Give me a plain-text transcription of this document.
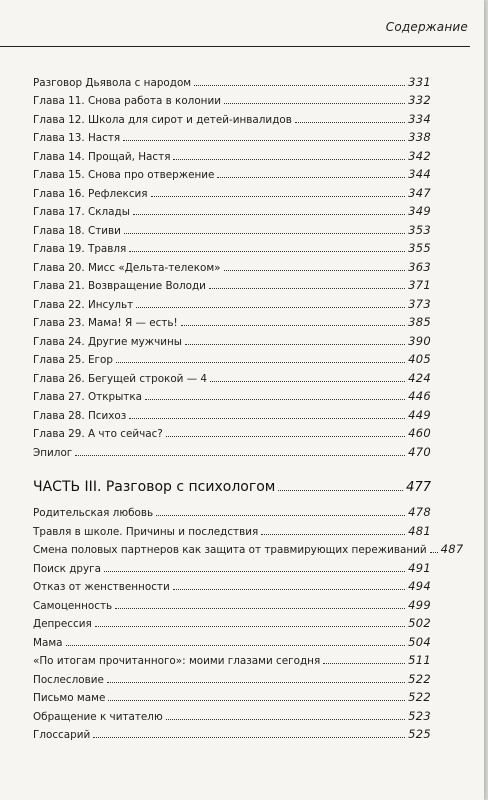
Содержание
Разговор Дьявола с народом	331
Глава 11. Снова работа в колонии	332
Глава 12. Школа для сирот и детей-инвалидов	334
Глава 13. Настя	338
Глава 14. Прощай, Настя	342
Глава 15. Снова про отвержение	344
Глава 16. Рефлексия	347
Глава 17. Склады	349
Глава 18. Стиви	353
Глава 19. Травля	355
Глава 20. Мисс «Дельта-телеком»	363
Глава 21. Возвращение Володи	371
Глава 22. Инсульт	373
Глава 23. Мама! Я — есть!	385
Глава 24. Другие мужчины	390
Глава 25. Егор	405
Глава 26. Бегущей строкой — 4	424
Глава 27. Открытка	446
Глава 28. Психоз	449
Глава 29. А что сейчас?	460
Эпилог	470
ЧАСТЬ III. Разговор с психологом	477
Родительская любовь	478
Травля в школе. Причины и последствия	481
Смена половых партнеров как защита от травмирующих переживаний 487
Поиск друга	491
Отказ от женственности	494
Самоценность	499
Депрессия	502
Мама	504
«По итогам прочитанного»: моими глазами сегодня	511
Послесловие	522
Письмо маме	522
Обращение к читателю	523
Глоссарий	525
